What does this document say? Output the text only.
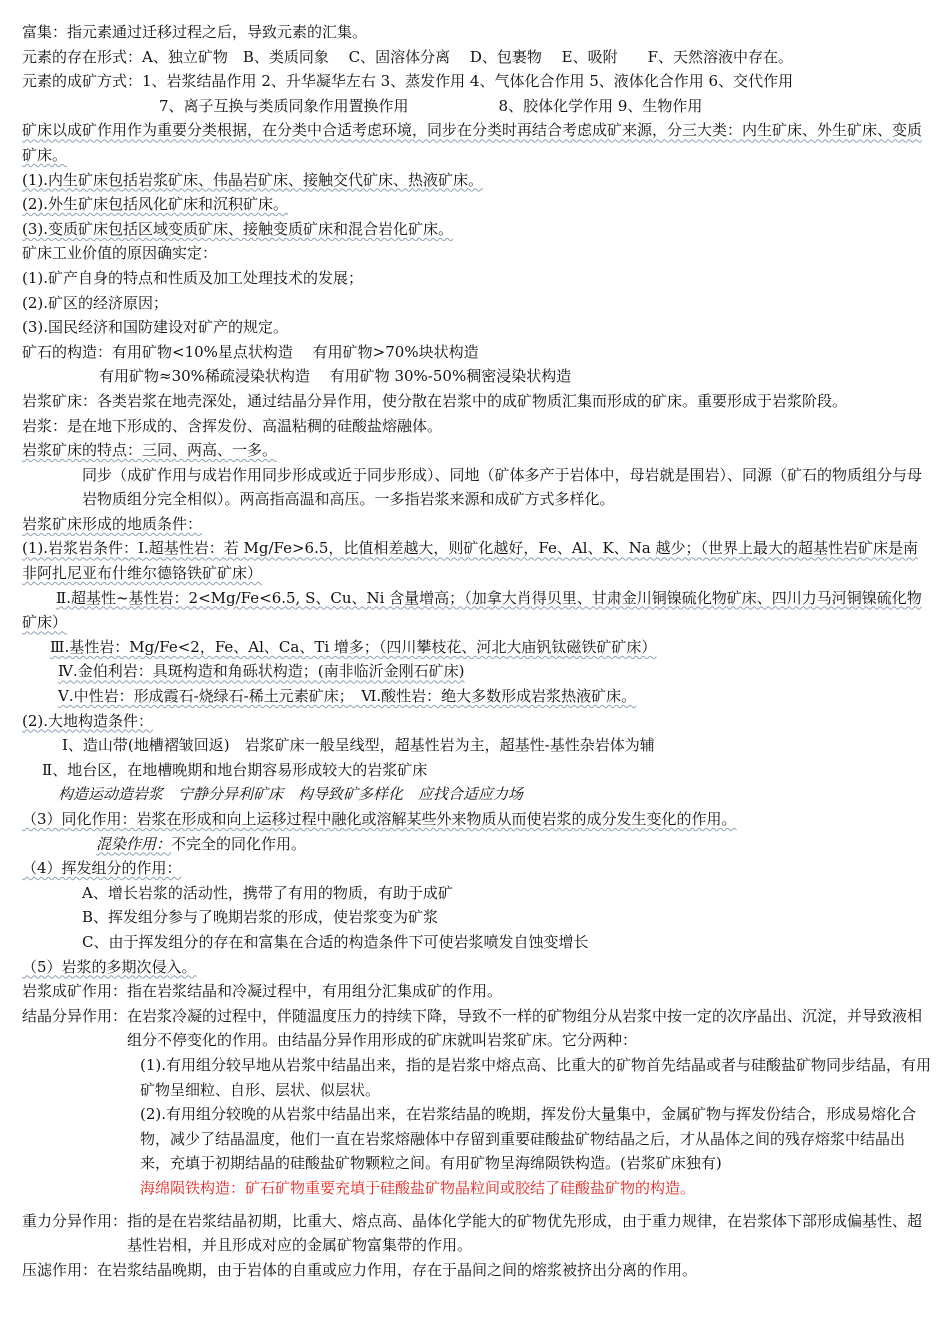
富集：指元素通过迁移过程之后，导致元素的汇集。
元素的存在形式：A、独立矿物　B、类质同象　 C、固溶体分离　 D、包裹物　 E、吸附　　F、天然溶液中存在。
元素的成矿方式：1、岩浆结晶作用 2、升华凝华左右 3、蒸发作用 4、气体化合作用 5、液体化合作用 6、交代作用
7、离子互换与类质同象作用置换作用　　　　　　8、胶体化学作用 9、生物作用
矿床以成矿作用作为重要分类根据，在分类中合适考虑环境，同步在分类时再结合考虑成矿来源，分三大类：内生矿床、外生矿床、变质矿床。
(1).内生矿床包括岩浆矿床、伟晶岩矿床、接触交代矿床、热液矿床。
(2).外生矿床包括风化矿床和沉积矿床。
(3).变质矿床包括区域变质矿床、接触变质矿床和混合岩化矿床。
矿床工业价值的原因确实定：
(1).矿产自身的特点和性质及加工处理技术的发展；
(2).矿区的经济原因；
(3).国民经济和国防建设对矿产的规定。
矿石的构造：有用矿物<10%星点状构造　 有用矿物>70%块状构造
有用矿物≈30%稀疏浸染状构造　 有用矿物 30%-50%稠密浸染状构造
岩浆矿床：各类岩浆在地壳深处，通过结晶分异作用，使分散在岩浆中的成矿物质汇集而形成的矿床。重要形成于岩浆阶段。
岩浆：是在地下形成的、含挥发份、高温粘稠的硅酸盐熔融体。
岩浆矿床的特点：三同、两高、一多。
同步（成矿作用与成岩作用同步形成或近于同步形成）、同地（矿体多产于岩体中，母岩就是围岩）、同源（矿石的物质组分与母岩物质组分完全相似）。两高指高温和高压。一多指岩浆来源和成矿方式多样化。
岩浆矿床形成的地质条件：
(1).岩浆岩条件：Ⅰ.超基性岩：若 Mg/Fe>6.5，比值相差越大，则矿化越好，Fe、Al、K、Na 越少；（世界上最大的超基性岩矿床是南非阿扎尼亚布什维尔德铬铁矿矿床）
Ⅱ.超基性~基性岩：2<Mg/Fe<6.5, S、Cu、Ni 含量增高；（加拿大肖得贝里、甘肃金川铜镍硫化物矿床、四川力马河铜镍硫化物矿床）
Ⅲ.基性岩：Mg/Fe<2，Fe、Al、Ca、Ti 增多；（四川攀枝花、河北大庙钒钛磁铁矿矿床）
Ⅳ.金伯利岩：具斑构造和角砾状构造；(南非临沂金刚石矿床)
Ⅴ.中性岩：形成霞石-烧绿石-稀土元素矿床；　Ⅵ.酸性岩：绝大多数形成岩浆热液矿床。
(2).大地构造条件：
Ⅰ、造山带(地槽褶皱回返)　岩浆矿床一般呈线型，超基性岩为主，超基性-基性杂岩体为辅
Ⅱ、地台区，在地槽晚期和地台期容易形成较大的岩浆矿床
构造运动造岩浆　宁静分异利矿床　构导致矿多样化　应找合适应力场
（3）同化作用：岩浆在形成和向上运移过程中融化或溶解某些外来物质从而使岩浆的成分发生变化的作用。
混染作用：不完全的同化作用。
（4）挥发组分的作用：
A、增长岩浆的活动性，携带了有用的物质，有助于成矿
B、挥发组分参与了晚期岩浆的形成，使岩浆变为矿浆
C、由于挥发组分的存在和富集在合适的构造条件下可使岩浆喷发自蚀变增长
（5）岩浆的多期次侵入。
岩浆成矿作用： 指在岩浆结晶和冷凝过程中，有用组分汇集成矿的作用。
结晶分异作用： 在岩浆冷凝的过程中，伴随温度压力的持续下降，导致不一样的矿物组分从岩浆中按一定的次序晶出、沉淀，并导致液相组分不停变化的作用。由结晶分异作用形成的矿床就叫岩浆矿床。它分两种：
(1).有用组分较早地从岩浆中结晶出来，指的是岩浆中熔点高、比重大的矿物首先结晶或者与硅酸盐矿物同步结晶，有用矿物呈细粒、自形、层状、似层状。
(2).有用组分较晚的从岩浆中结晶出来，在岩浆结晶的晚期，挥发份大量集中，金属矿物与挥发份结合，形成易熔化合物，减少了结晶温度，他们一直在岩浆熔融体中存留到重要硅酸盐矿物结晶之后，才从晶体之间的残存熔浆中结晶出来，充填于初期结晶的硅酸盐矿物颗粒之间。有用矿物呈海绵陨铁构造。(岩浆矿床独有)
海绵陨铁构造：矿石矿物重要充填于硅酸盐矿物晶粒间或胶结了硅酸盐矿物的构造。
重力分异作用： 指的是在岩浆结晶初期，比重大、熔点高、晶体化学能大的矿物优先形成，由于重力规律，在岩浆体下部形成偏基性、超基性岩相，并且形成对应的金属矿物富集带的作用。
压滤作用：在岩浆结晶晚期，由于岩体的自重或应力作用，存在于晶间之间的熔浆被挤出分离的作用。
